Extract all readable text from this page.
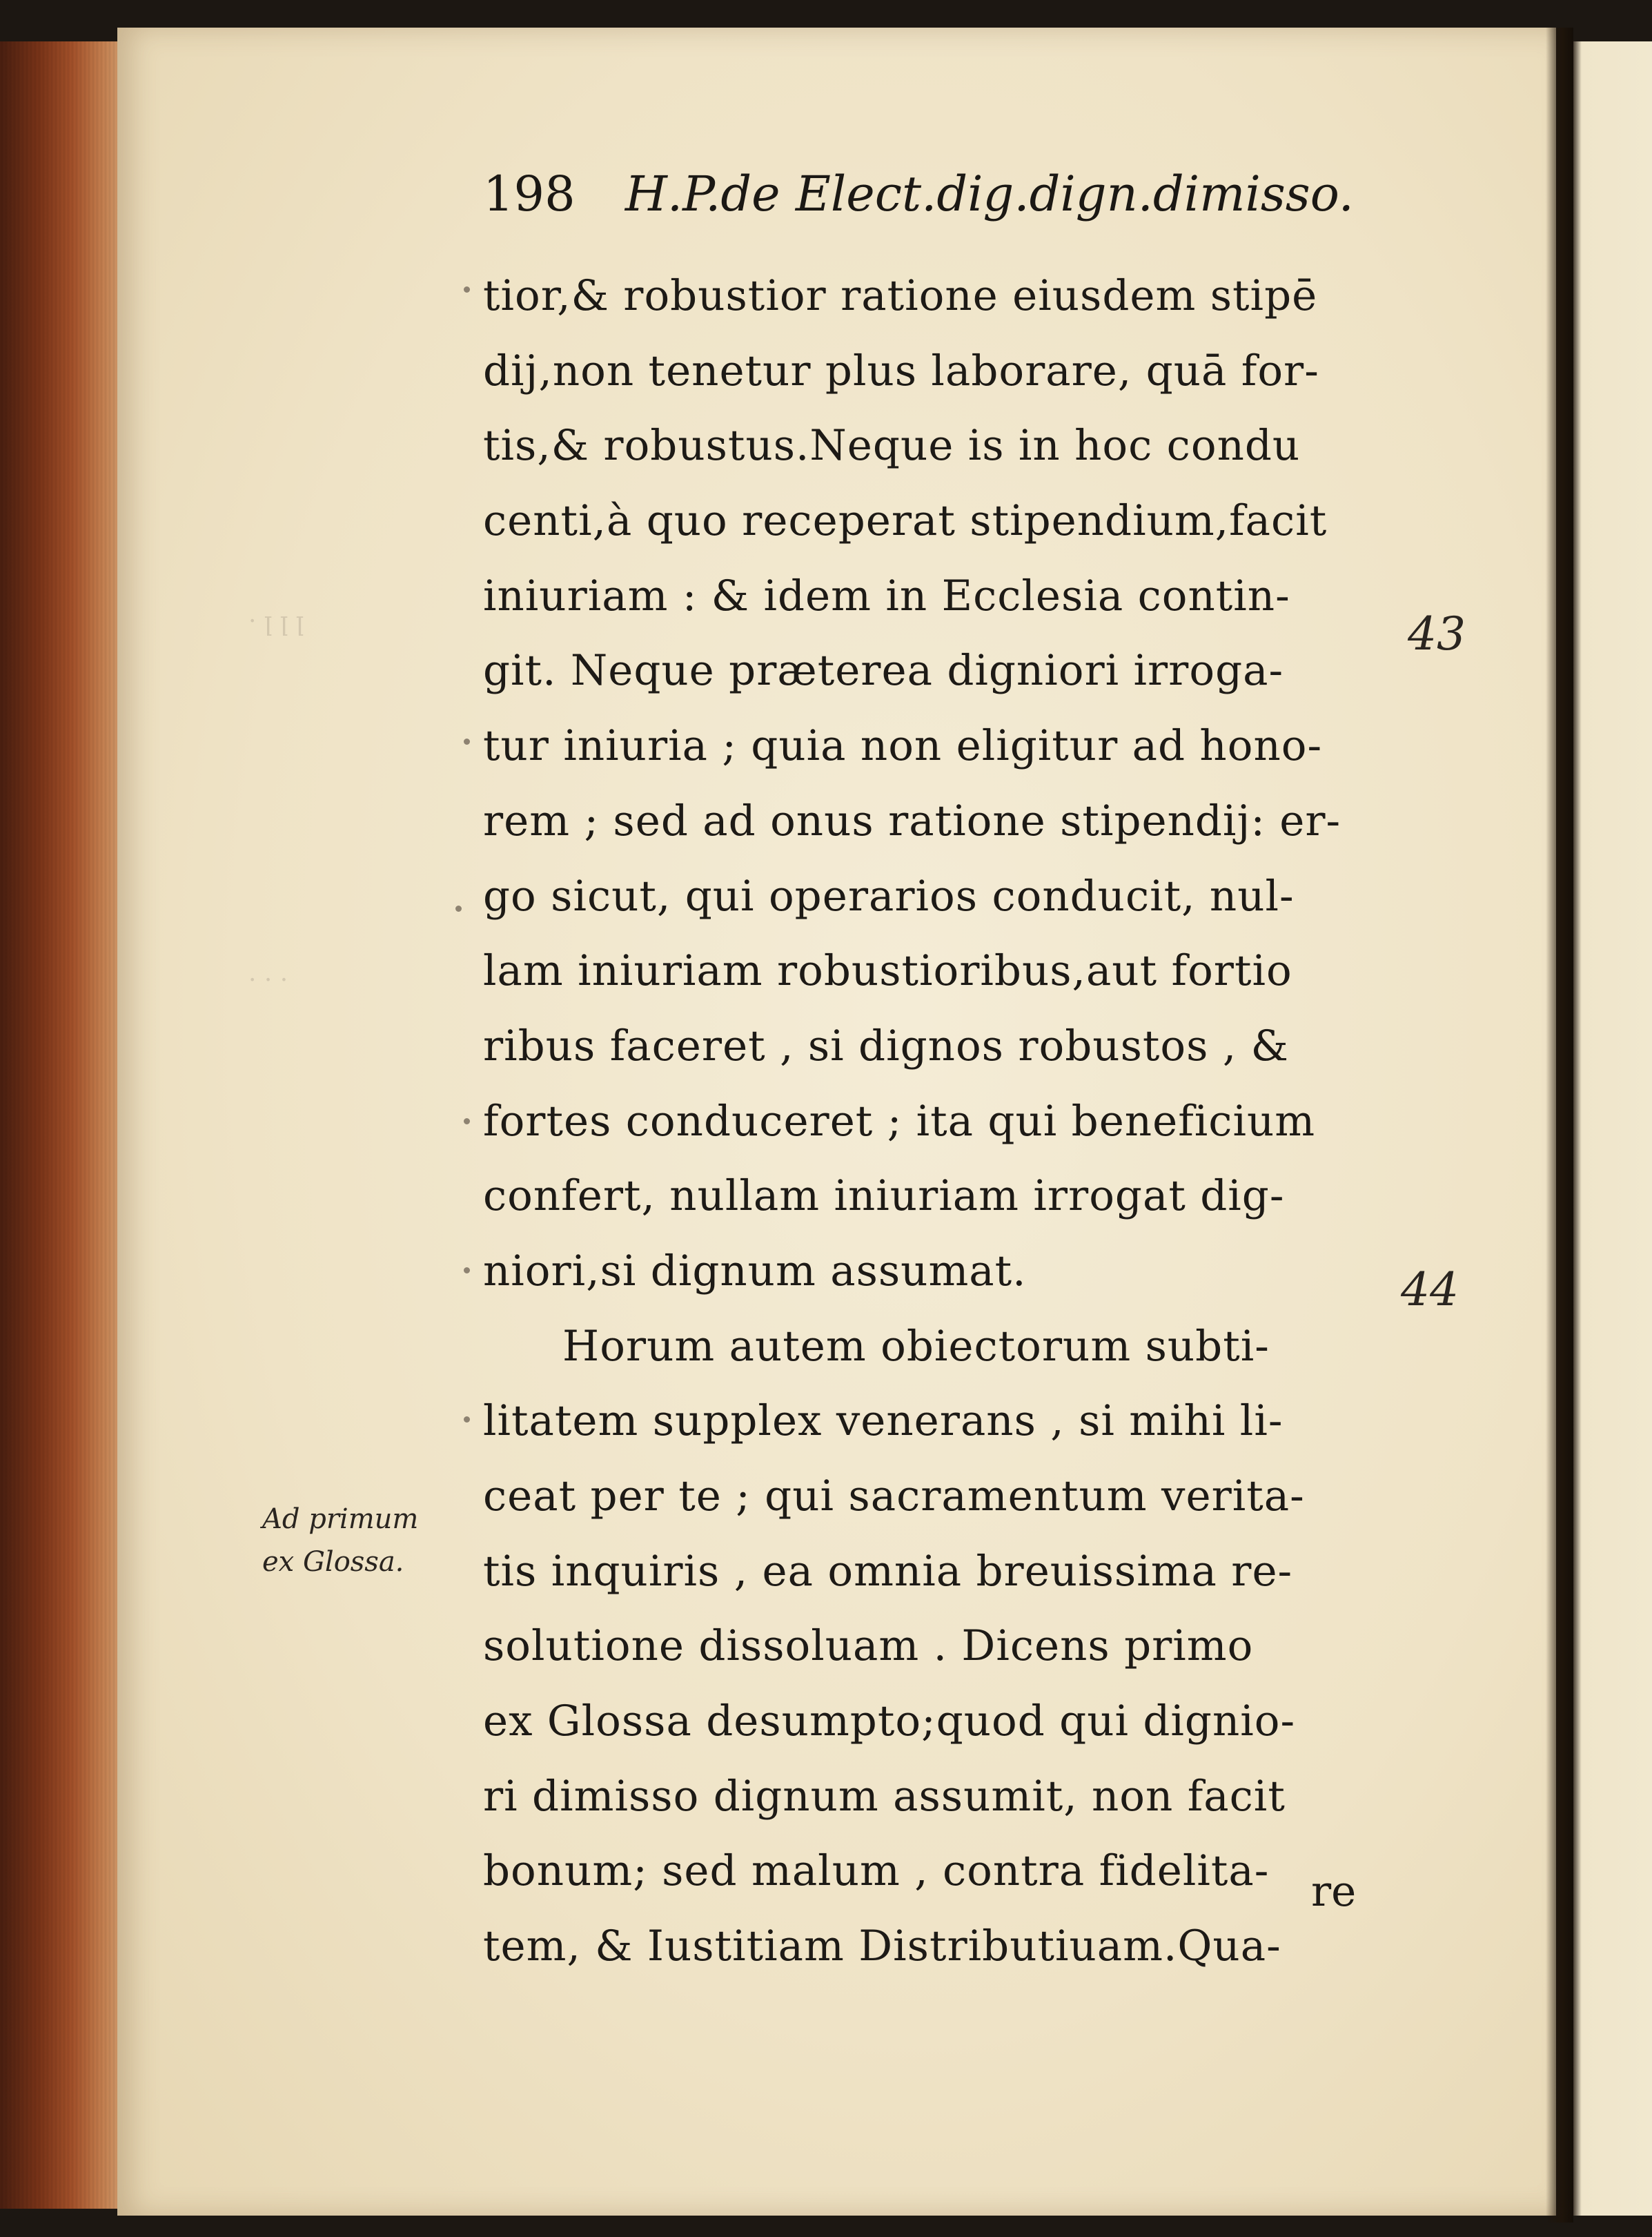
· ꞁ ꞁ ꞁ
· · ·
198 H.P.de Elect.dig.dign.dimisso.
tior,& robustior ratione eiusdem stipē
dij,non tenetur plus laborare, quā for-
tis,& robustus.Neque is in hoc condu
centi,à quo receperat stipendium,facit
iniuriam : & idem in Ecclesia contin-
git. Neque præterea digniori irroga-
tur iniuria ; quia non eligitur ad hono-
rem ; sed ad onus ratione stipendij: er-
go sicut, qui operarios conducit, nul-
lam iniuriam robustioribus,aut fortio
ribus faceret , si dignos robustos , &
fortes conduceret ; ita qui beneficium
confert, nullam iniuriam irrogat dig-
niori,si dignum assumat.
Horum autem obiectorum subti-
litatem supplex venerans , si mihi li-
ceat per te ; qui sacramentum verita-
tis inquiris , ea omnia breuissima re-
solutione dissoluam . Dicens primo
ex Glossa desumpto;quod qui dignio-
ri dimisso dignum assumit, non facit
bonum; sed malum , contra fidelita-
tem, & Iustitiam Distributiuam.Qua-
re
43
44
Ad primum
ex Glossa.
